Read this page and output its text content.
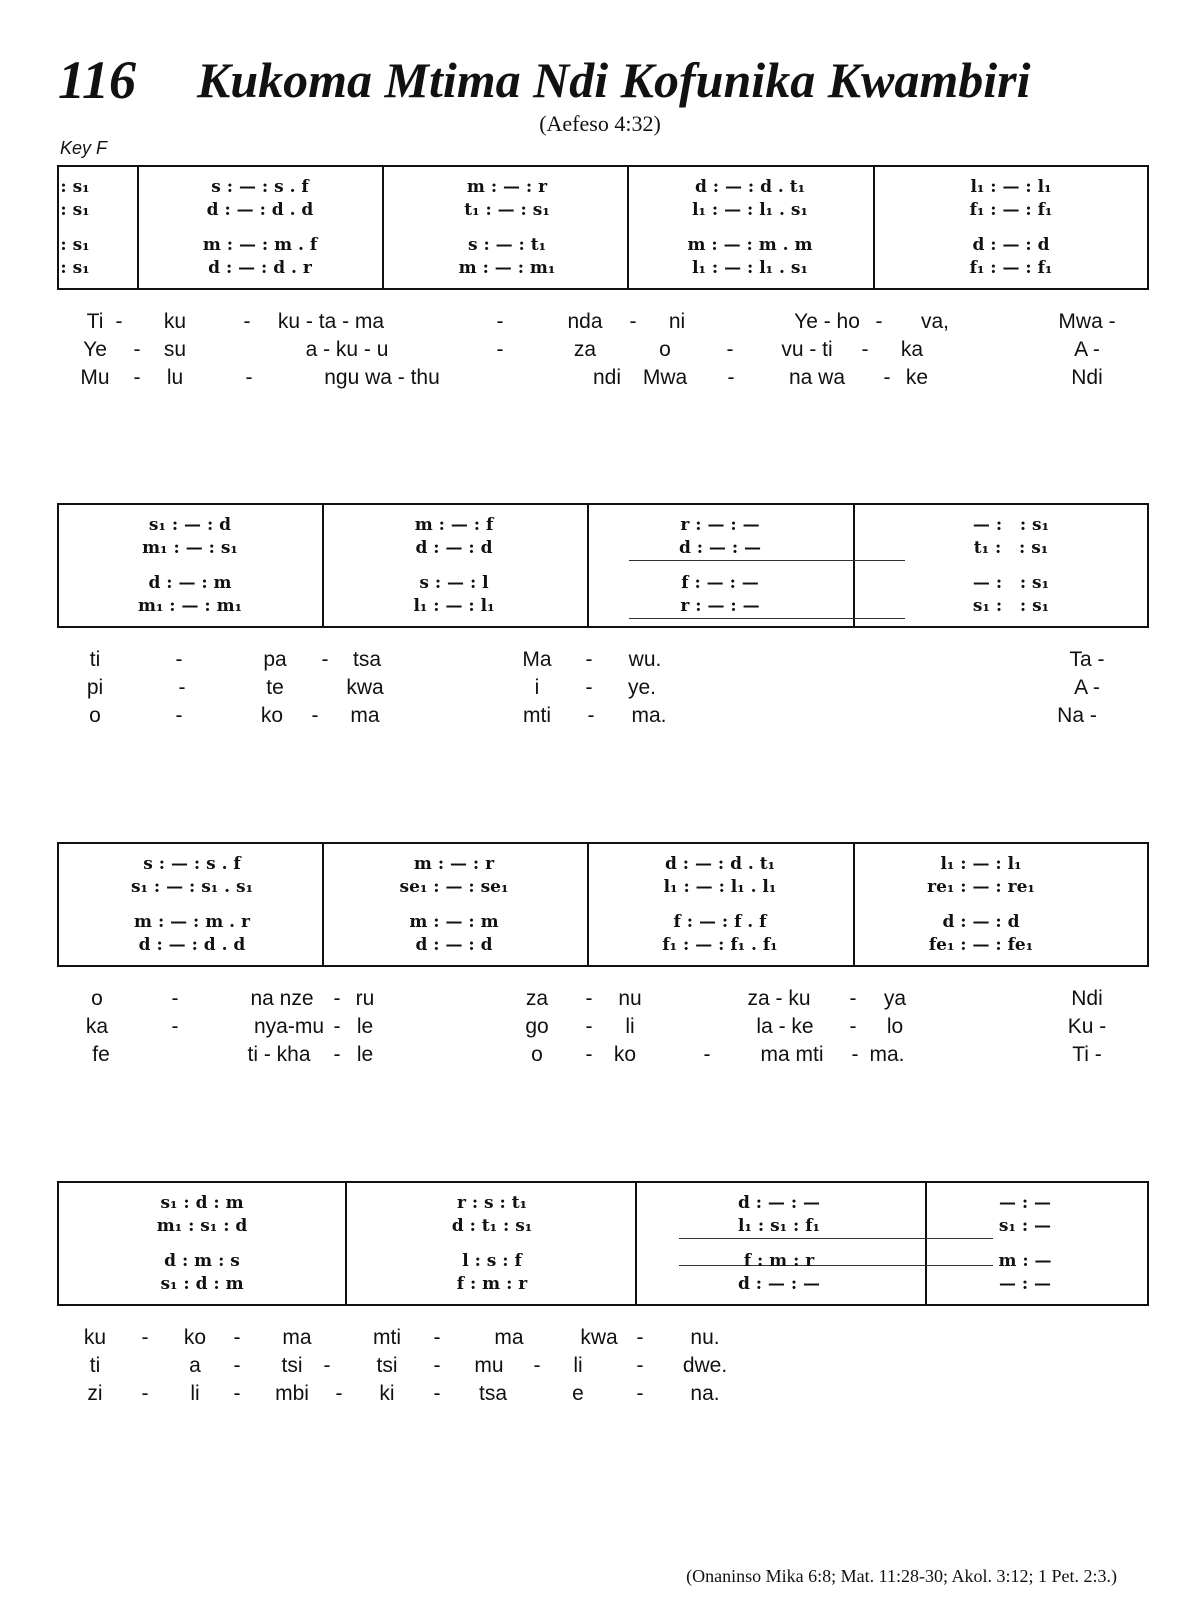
116 Kukoma Mtima Ndi Kofunika Kwambiri
(Aefeso 4:32)
Key F
: s₁	s : — : s . f	m : — : r	d : — : d . t₁	l₁ : — : l₁
: s₁	d : — : d . d	t₁ : — : s₁	l₁ : — : l₁ . s₁	f₁ : — : f₁
: s₁	m : — : m . f	s : — : t₁	m : — : m . m	d : — : d
: s₁	d : — : d . r	m : — : m₁	l₁ : — : l₁ . s₁	f₁ : — : f₁
Ti - ku	- ku - ta - ma	-	nda - ni	Ye - ho - va,	Mwa -
Ye - su	a - ku - u	-	za	o	- vu - ti - ka	A -
Mu - lu	-	ngu wa - thu	ndi Mwa -	na wa - ke	Ndi
s₁ : — : d	m : — : f	r : — : —	— :   : s₁
m₁ : — : s₁	d : — : d	d : — : —	t₁ :   : s₁
d : — : m	s : — : l	f : — : —	— :   : s₁
m₁ : — : m₁	l₁ : — : l₁	r : — : —	s₁ :   : s₁
ti	-	pa - tsa	Ma - wu.	Ta -
pi	-	te	kwa	i - ye.	A -
o	-	ko - ma	mti - ma.	Na -
s : — : s . f	m : — : r	d : — : d . t₁	l₁ : — : l₁
s₁ : — : s₁ . s₁	se₁ : — : se₁	l₁ : — : l₁ . l₁	re₁ : — : re₁
m : — : m . r	m : — : m	f : — : f . f	d : — : d
d : — : d . d	d : — : d	f₁ : — : f₁ . f₁	fe₁ : — : fe₁
o	-	na nze - ru	za - nu	za - ku - ya	Ndi
ka	-	nya-mu - le	go - li	la - ke - lo	Ku -
fe	ti - kha - le	o - ko	- ma mti - ma.	Ti -
s₁ : d : m	r : s : t₁	d : — : —	— : —
m₁ : s₁ : d	d : t₁ : s₁	l₁ : s₁ : f₁	s₁ : —
d : m : s	l : s : f	f : m : r	m : —
s₁ : d : m	f : m : r	d : — : —	— : —
ku - ko - ma	mti -	ma	kwa - nu.
ti	a - tsi - tsi - mu - li	- dwe.
zi - li - mbi - ki - tsa	e	- na.
(Onaninso Mika 6:8; Mat. 11:28-30; Akol. 3:12; 1 Pet. 2:3.)
